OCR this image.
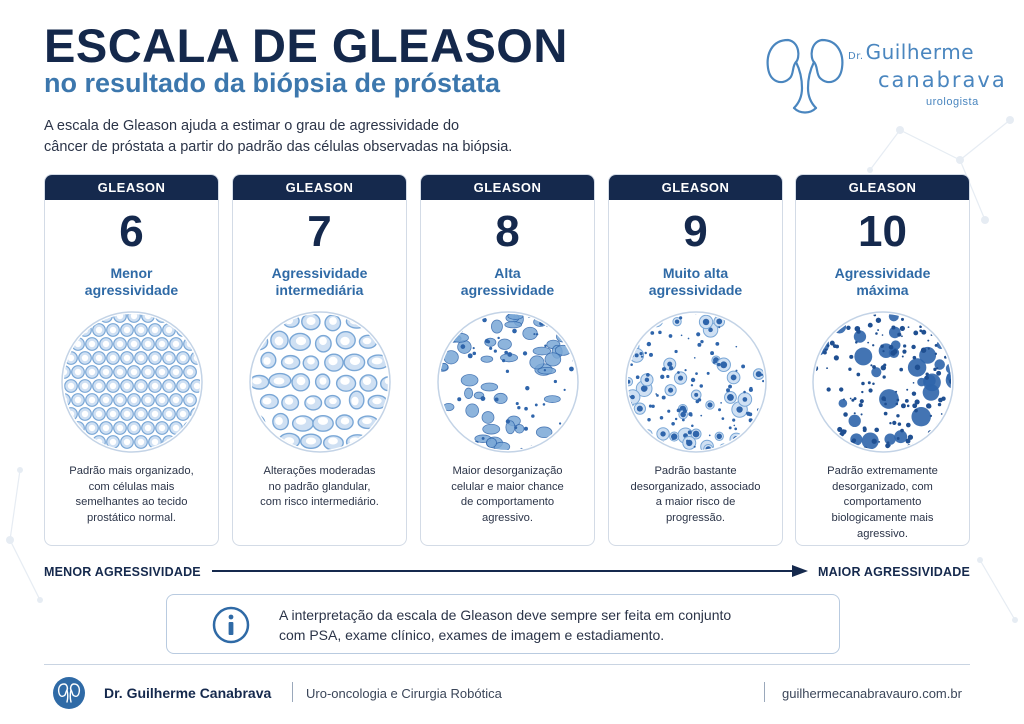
ESCALA DE GLEASON
no resultado da biópsia de próstata
A escala de Gleason ajuda a estimar o grau de agressividade do
câncer de próstata a partir do padrão das células observadas na biópsia.
Dr. Guilherme
canabrava
urologista
GLEASON
6
Menor
agressividade
Padrão mais organizado,
com células mais
semelhantes ao tecido
prostático normal.
GLEASON
7
Agressividade
intermediária
Alterações moderadas
no padrão glandular,
com risco intermediário.
GLEASON
8
Alta
agressividade
Maior desorganização
celular e maior chance
de comportamento
agressivo.
GLEASON
9
Muito alta
agressividade
Padrão bastante
desorganizado, associado
a maior risco de
progressão.
GLEASON
10
Agressividade
máxima
Padrão extremamente
desorganizado, com
comportamento
biologicamente mais
agressivo.
MENOR AGRESSIVIDADE	MAIOR AGRESSIVIDADE
A interpretação da escala de Gleason deve sempre ser feita em conjunto
com PSA, exame clínico, exames de imagem e estadiamento.
Dr. Guilherme Canabrava	Uro-oncologia e Cirurgia Robótica	guilhermecanabravauro.com.br
